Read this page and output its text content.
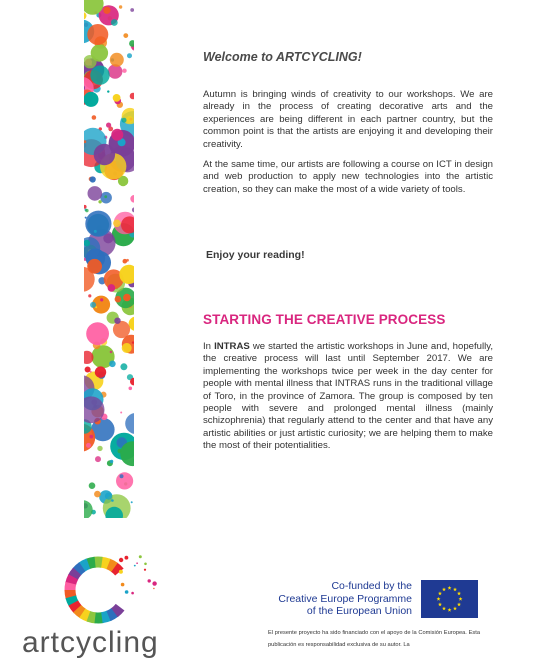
Welcome to ARTCYCLING!

Autumn is bringing winds of creativity to our workshops. We are already in the process of creating decorative arts and the experiences are being different in each partner country, but the common point is that the artists are enjoying it and developing their creativity.

At the same time, our artists are following a course on ICT in design and web production to apply new technologies into the artistic creation, so they can make the most of a wide variety of tools.

Enjoy your reading!
STARTING THE CREATIVE PROCESS

In INTRAS we started the artistic workshops in June and, hopefully, the creative process will last until September 2017. We are implementing the workshops twice per week in the day center for people with mental illness that INTRAS runs in the traditional village of Toro, in the province of Zamora. The group is composed by ten people with severe and prolonged mental illness (mainly schizophrenia) that regularly attend to the center and that have any artistic abilities or just artistic curiosity; we are helping them to make the most of their potentialities.

artcycling
Co-funded by the
Creative Europe Programme
of the European Union
El presente proyecto ha sido financiado con el apoyo de la Comisión Europea. Esta publicación es responsabilidad exclusiva de su autor. La
